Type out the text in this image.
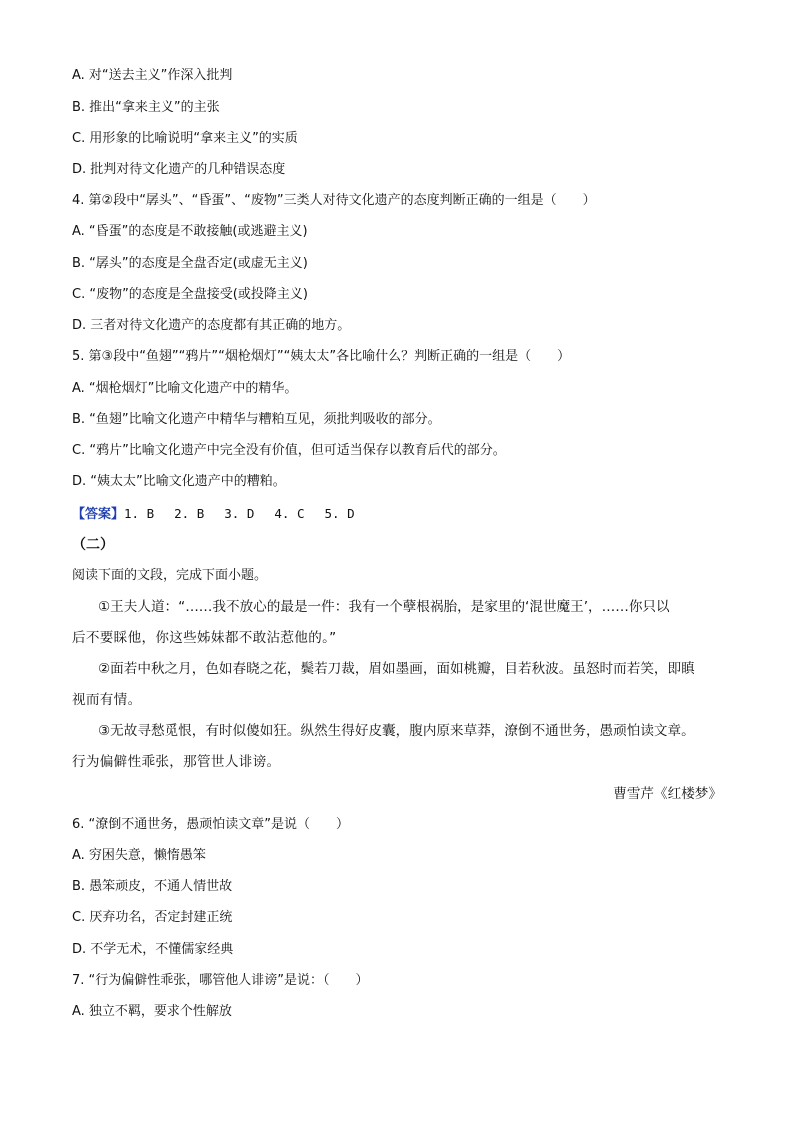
A. 对“送去主义”作深入批判
B. 推出“拿来主义”的主张
C. 用形象的比喻说明“拿来主义”的实质
D. 批判对待文化遗产的几种错误态度
4. 第②段中“孱头”、“昏蛋”、“废物”三类人对待文化遗产的态度判断正确的一组是（　　）
A. “昏蛋”的态度是不敢接触(或逃避主义)
B. “孱头”的态度是全盘否定(或虚无主义)
C. “废物”的态度是全盘接受(或投降主义)
D. 三者对待文化遗产的态度都有其正确的地方。
5. 第③段中“鱼翅”“鸦片”“烟枪烟灯”“姨太太”各比喻什么？判断正确的一组是（　　）
A. “烟枪烟灯”比喻文化遗产中的精华。
B. “鱼翅”比喻文化遗产中精华与糟粕互见，须批判吸收的部分。
C. “鸦片”比喻文化遗产中完全没有价值，但可适当保存以教育后代的部分。
D. “姨太太”比喻文化遗产中的糟粕。
【答案】1. B　 2. B　 3. D　 4. C　 5. D
（二）
阅读下面的文段，完成下面小题。
①王夫人道：“……我不放心的最是一件：我有一个孽根祸胎，是家里的‘混世魔王’，……你只以
后不要睬他，你这些姊妹都不敢沾惹他的。”
②面若中秋之月，色如春晓之花，鬓若刀裁，眉如墨画，面如桃瓣，目若秋波。虽怒时而若笑，即瞋
视而有情。
③无故寻愁觅恨，有时似傻如狂。纵然生得好皮囊，腹内原来草莽，潦倒不通世务，愚顽怕读文章。
行为偏僻性乖张，那管世人诽谤。
曹雪芹《红楼梦》
6. “潦倒不通世务，愚顽怕读文章”是说（　　）
A. 穷困失意，懒惰愚笨
B. 愚笨顽皮，不通人情世故
C. 厌弃功名，否定封建正统
D. 不学无术，不懂儒家经典
7. “行为偏僻性乖张，哪管他人诽谤”是说：（　　）
A. 独立不羁，要求个性解放
